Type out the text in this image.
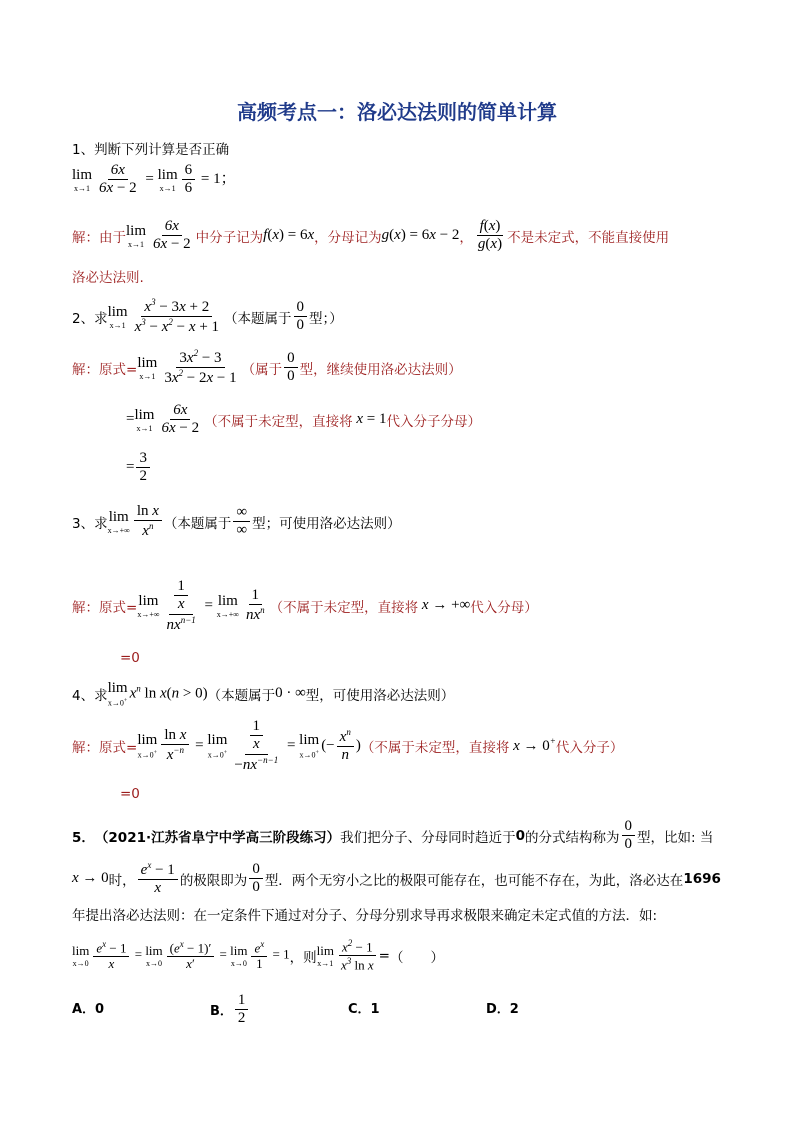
高频考点一：洛必达法则的简单计算
1、判断下列计算是否正确
lim
$x\to 1 \frac{6x}{6x - 2} = \lim$
$x\to 1 \frac{6}{6} = 1$；
解：由于 lim
$x\to 1 \frac{6x}{6x - 2}$ 中分子记为 f(x) = 6x ，分母记为 g(x) = 6x − 2 ， $\frac{f(x)}{g(x)}$ 不是未定式，不能直接使用
洛必达法则.
2、求 lim
$x\to 1 \frac{x^3 - 3x + 2}{x^3 - x^2 - x + 1}$ （本题属于 $\frac{0}{0}$ 型；）
解：原式= lim
$x\to 1 \frac{3x^2 - 3}{3x^2 - 2x - 1}$ （属于 $\frac{0}{0}$ 型，继续使用洛必达法则）
= lim
$x\to 1 \frac{6x}{6x - 2}$ （不属于未定型，直接将 x = 1 代入分子分母）
= $\frac{3}{2}$
3、求 lim
$x\to+\infty \frac{\text{ln x}}{x^n}$ （本题属于 $\frac{\infty}{\infty}$ 型；可使用洛必达法则）
解：原式= lim
$x\to+\infty \frac{\frac{1}{x}}{nx^{n-1}} = \lim$
$x\to+\infty \frac{1}{nx^n}$ （不属于未定型，直接将 x → +∞ 代入分母）
=0
4、求 lim
x→0+ $x^n$ ln x(n > 0) （本题属于 0 · ∞ 型，可使用洛必达法则）
解：原式= lim
$x\to 0^+ \frac{\text{ln x}}{x^{-n}} = \lim$
$x\to 0^+ \frac{\frac{1}{x}}{-nx^{-n-1}} = \lim$
x→0+ (− $\frac{x^n}{n}$ ) （不属于未定型，直接将 x → 0+ 代入分子）
=0
5． （2021·江苏省阜宁中学高三阶段练习） 我们把分子、分母同时趋近于 0 的分式结构称为 $\frac{0}{0}$ 型，比如: 当
x → 0 时， $\frac{e^x - 1}{x}$ 的极限即为 $\frac{0}{0}$ 型．两个无穷小之比的极限可能存在，也可能不存在，为此，洛必达在 1696
年提出洛必达法则：在一定条件下通过对分子、分母分别求导再求极限来确定未定式值的方法．如:
lim
$x\to 0 \frac{e^x - 1}{x} = \lim$
$x\to 0 \frac{(e^x - 1)'}{x'} = \lim$
$x\to 0 \frac{e^x}{1} = 1$ ，则 lim
$x\to 1 \frac{x^2 - 1}{x^3 \ln x}$ = （　　）
A．0	B． $\frac{1}{2}$	C．1	D．2
